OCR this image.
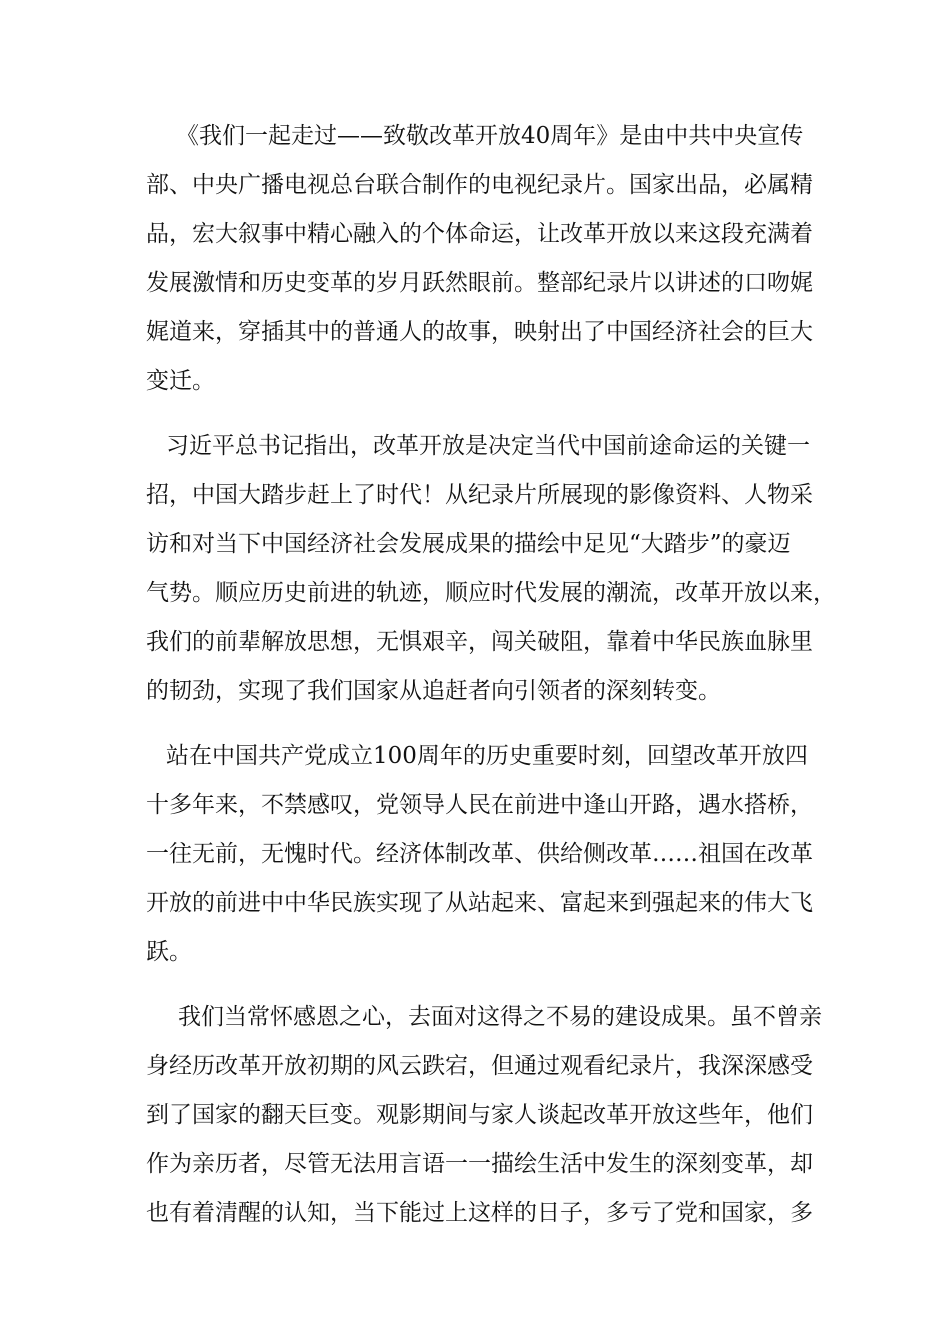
《我们一起走过——致敬改革开放40周年》是由中共中央宣传
部、中央广播电视总台联合制作的电视纪录片。国家出品，必属精
品，宏大叙事中精心融入的个体命运，让改革开放以来这段充满着
发展激情和历史变革的岁月跃然眼前。整部纪录片以讲述的口吻娓
娓道来，穿插其中的普通人的故事，映射出了中国经济社会的巨大
变迁。
习近平总书记指出，改革开放是决定当代中国前途命运的关键一
招，中国大踏步赶上了时代！从纪录片所展现的影像资料、人物采
访和对当下中国经济社会发展成果的描绘中足见“大踏步”的豪迈
气势。顺应历史前进的轨迹，顺应时代发展的潮流，改革开放以来，
我们的前辈解放思想，无惧艰辛，闯关破阻，靠着中华民族血脉里
的韧劲，实现了我们国家从追赶者向引领者的深刻转变。
站在中国共产党成立100周年的历史重要时刻，回望改革开放四
十多年来，不禁感叹，党领导人民在前进中逢山开路，遇水搭桥，
一往无前，无愧时代。经济体制改革、供给侧改革……祖国在改革
开放的前进中中华民族实现了从站起来、富起来到强起来的伟大飞
跃。
我们当常怀感恩之心，去面对这得之不易的建设成果。虽不曾亲
身经历改革开放初期的风云跌宕，但通过观看纪录片，我深深感受
到了国家的翻天巨变。观影期间与家人谈起改革开放这些年，他们
作为亲历者，尽管无法用言语一一描绘生活中发生的深刻变革，却
也有着清醒的认知，当下能过上这样的日子，多亏了党和国家，多
